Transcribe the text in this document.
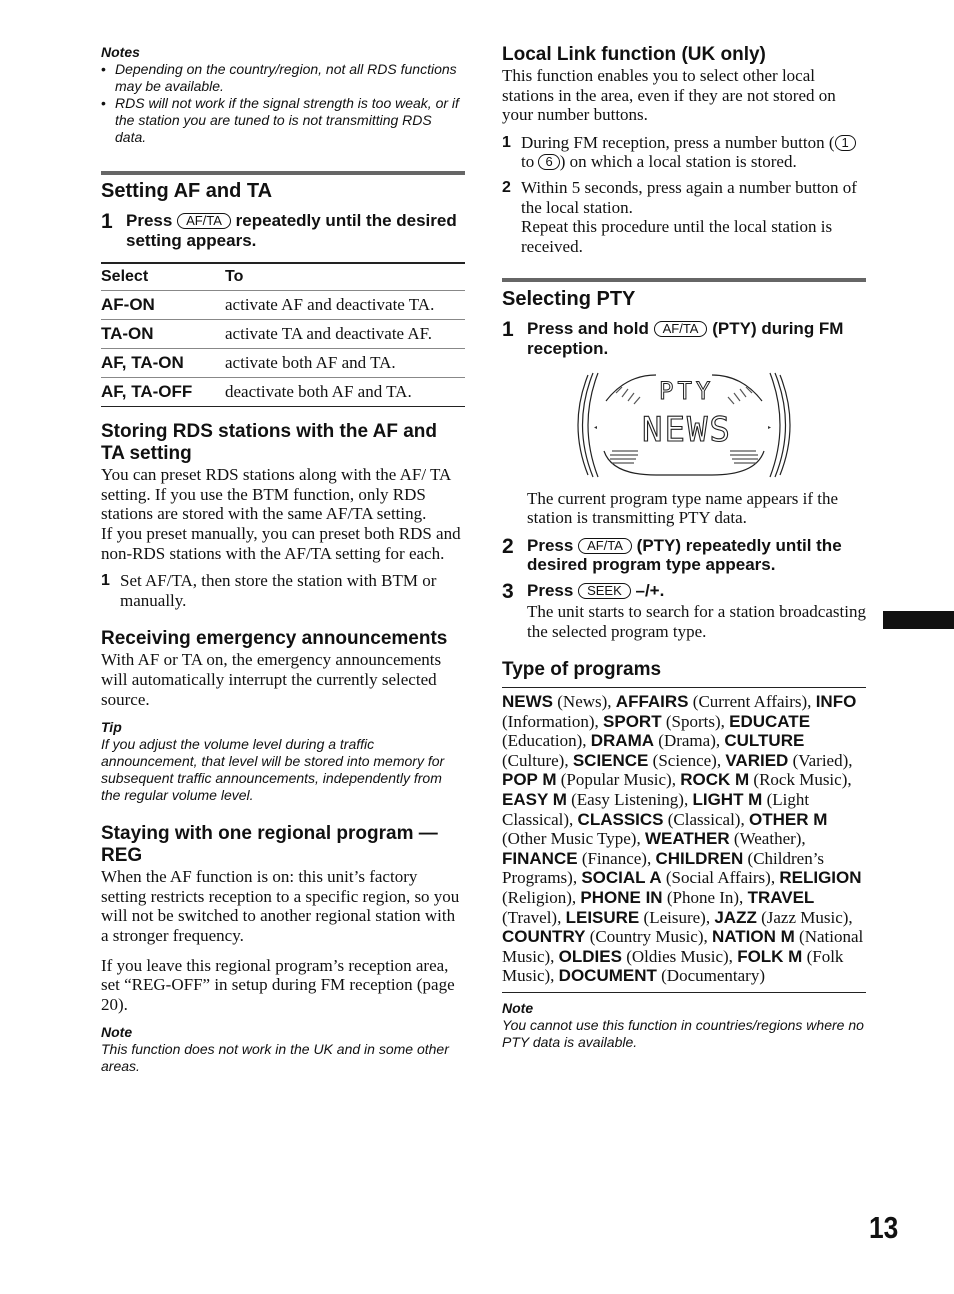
Notes
• Depending on the country/region, not all RDS functions may be available.
• RDS will not work if the signal strength is too weak, or if the station you are tuned to is not transmitting RDS data.
Setting AF and TA
1 Press AF/TA repeatedly until the desired setting appears.
Select	To
AF-ON	activate AF and deactivate TA.
TA-ON	activate TA and deactivate AF.
AF, TA-ON	activate both AF and TA.
AF, TA-OFF	deactivate both AF and TA.
Storing RDS stations with the AF and TA setting

You can preset RDS stations along with the AF/ TA setting. If you use the BTM function, only RDS stations are stored with the same AF/TA setting.

If you preset manually, you can preset both RDS and non-RDS stations with the AF/TA setting for each.

1 Set AF/TA, then store the station with BTM or manually.
Receiving emergency announcements

With AF or TA on, the emergency announcements will automatically interrupt the currently selected source.

Tip
If you adjust the volume level during a traffic announcement, that level will be stored into memory for subsequent traffic announcements, independently from the regular volume level.
Staying with one regional program — REG

When the AF function is on: this unit’s factory setting restricts reception to a specific region, so you will not be switched to another regional station with a stronger frequency.

If you leave this regional program’s reception area, set “REG-OFF” in setup during FM reception (page 20).

Note
This function does not work in the UK and in some other areas.
Local Link function (UK only)

This function enables you to select other local stations in the area, even if they are not stored on your number buttons.

1 During FM reception, press a number button ( 1 to 6 ) on which a local station is stored.
2 Within 5 seconds, press again a number button of the local station.
Repeat this procedure until the local station is received.
Selecting PTY
1 Press and hold AF/TA (PTY) during FM reception.
◂	▸
PTY
NEWS

The current program type name appears if the station is transmitting PTY data.

2 Press AF/TA (PTY) repeatedly until the desired program type appears.
3 Press SEEK –/+.

The unit starts to search for a station broadcasting the selected program type.

Type of programs

NEWS (News), AFFAIRS (Current Affairs), INFO (Information), SPORT (Sports), EDUCATE (Education), DRAMA (Drama), CULTURE (Culture), SCIENCE (Science), VARIED (Varied), POP M (Popular Music), ROCK M (Rock Music), EASY M (Easy Listening), LIGHT M (Light Classical), CLASSICS (Classical), OTHER M (Other Music Type), WEATHER (Weather), FINANCE (Finance), CHILDREN (Children’s Programs), SOCIAL A (Social Affairs), RELIGION (Religion), PHONE IN (Phone In), TRAVEL (Travel), LEISURE (Leisure), JAZZ (Jazz Music), COUNTRY (Country Music), NATION M (National Music), OLDIES (Oldies Music), FOLK M (Folk Music), DOCUMENT (Documentary)

Note
You cannot use this function in countries/regions where no PTY data is available.
13
